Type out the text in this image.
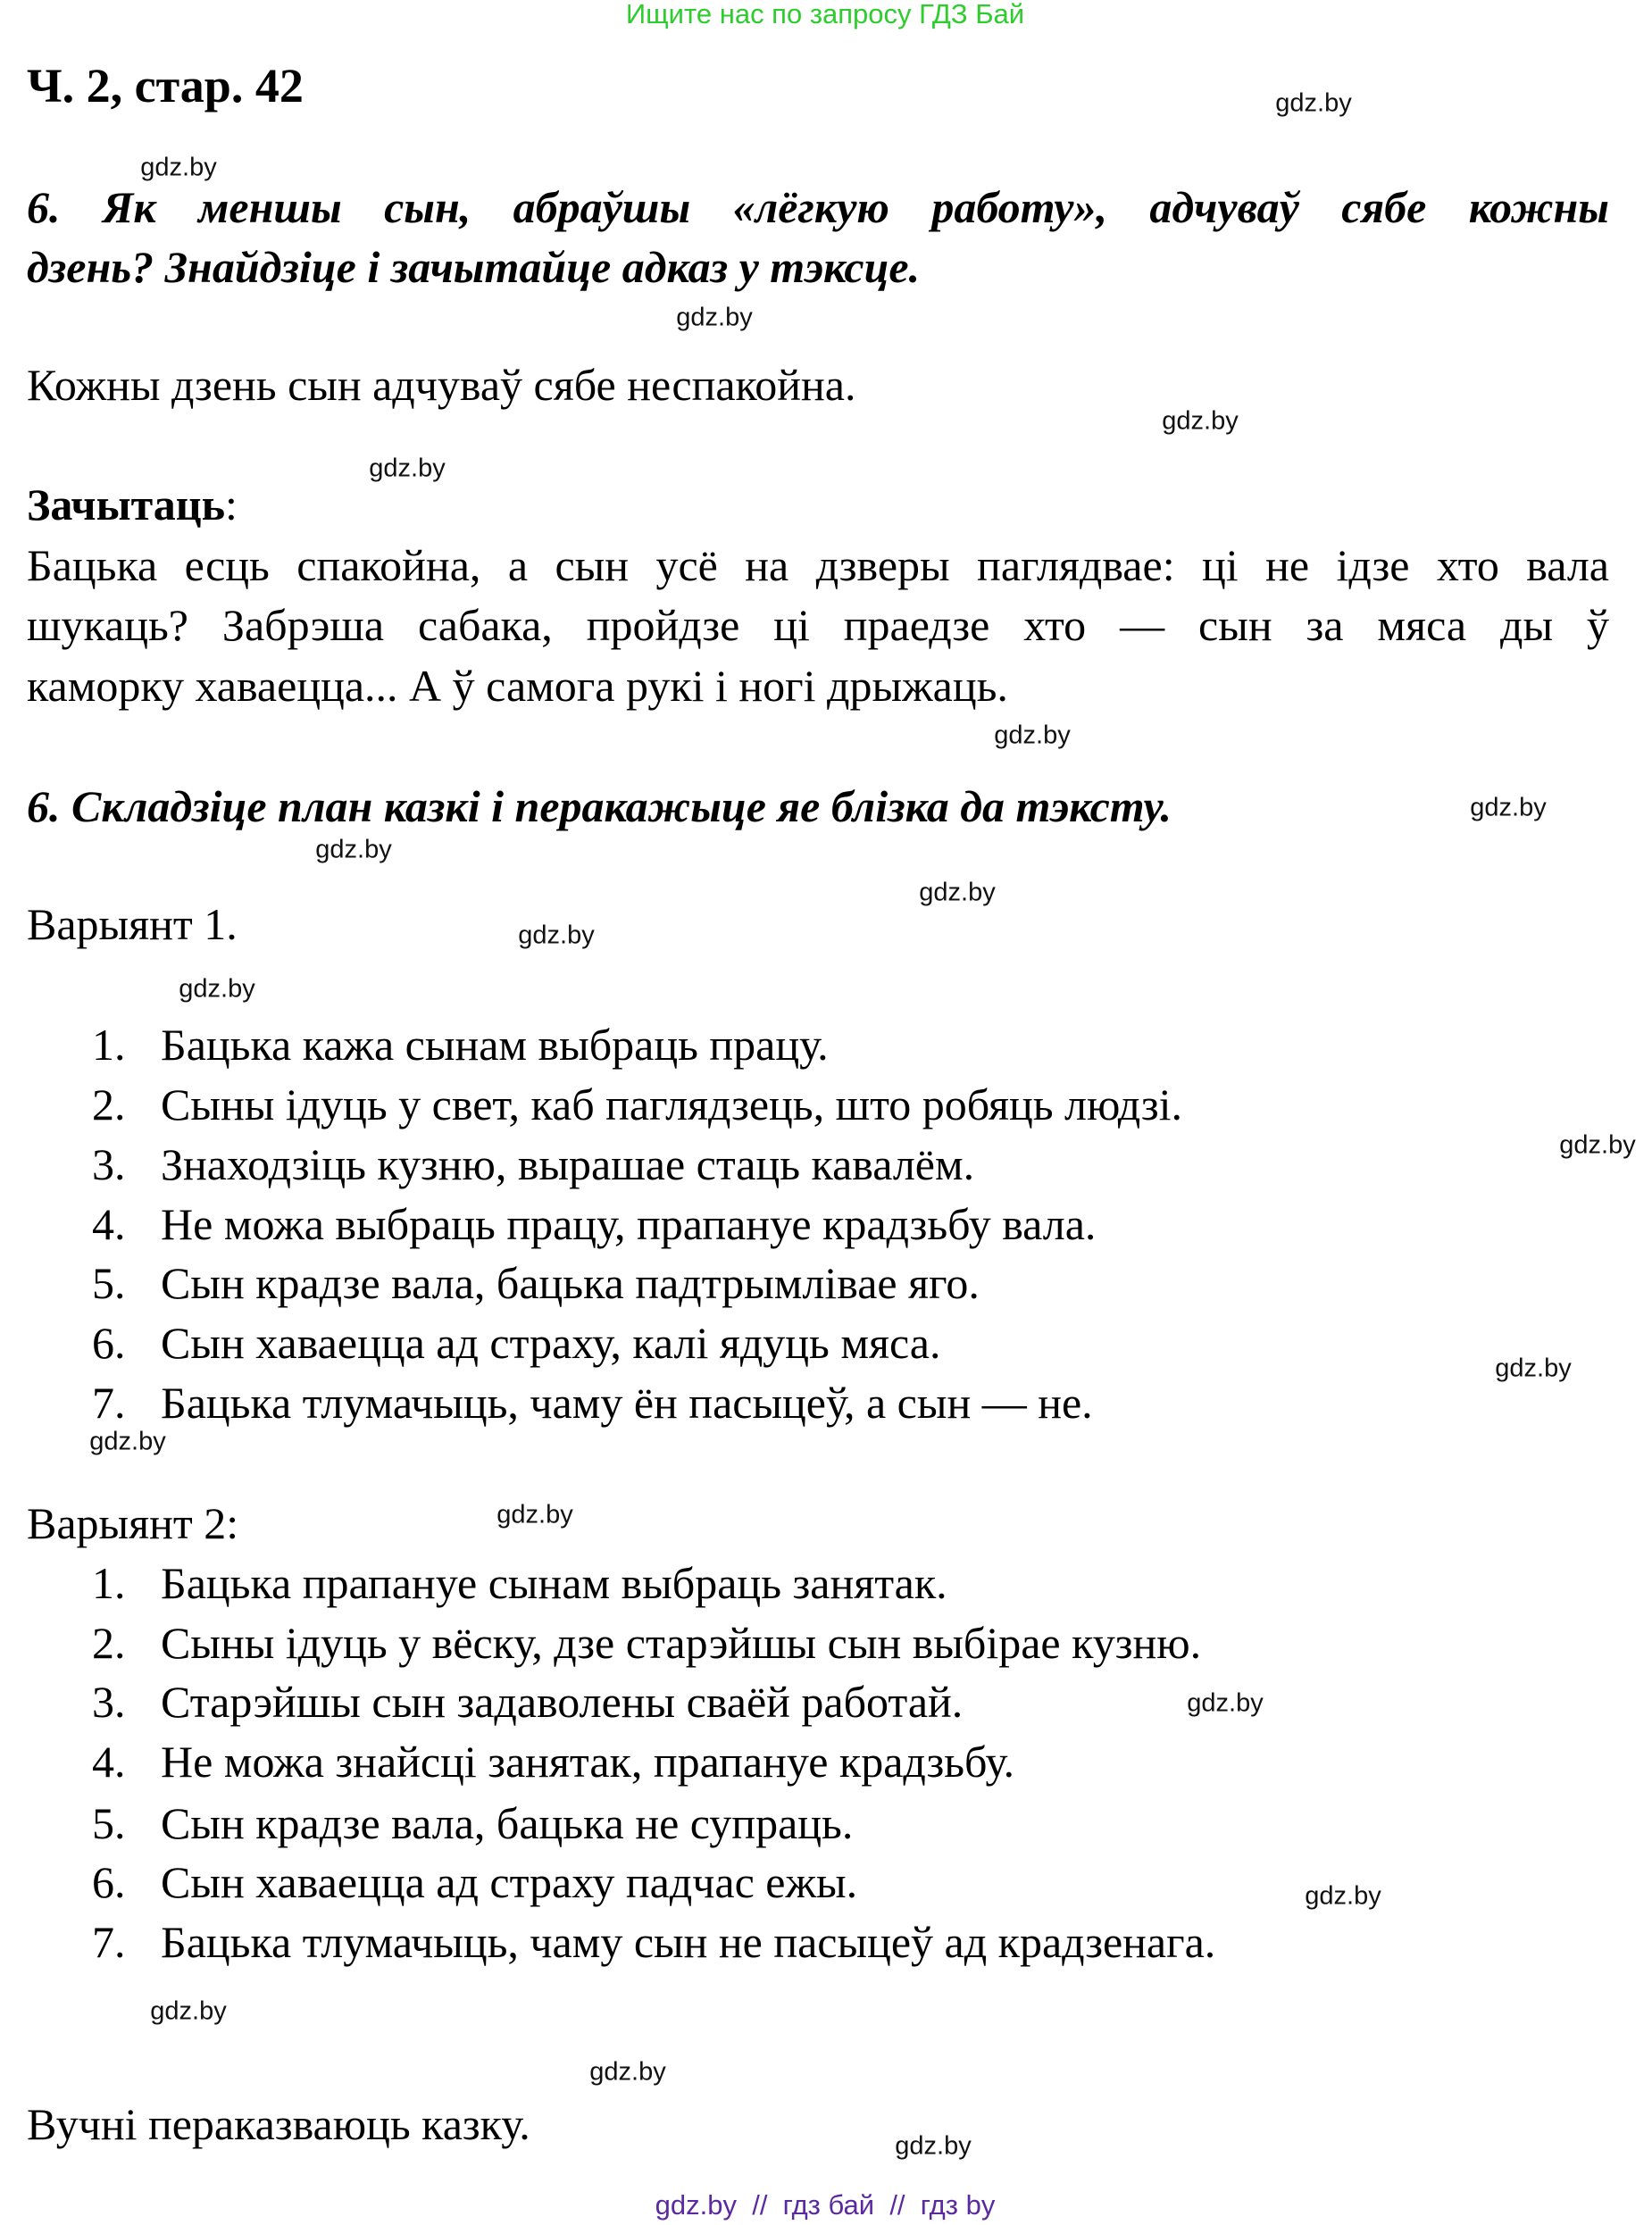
Ищите нас по запросу ГДЗ Бай
Ч. 2, стар. 42	gdz.by
gdz.by
gdz.by
gdz.by
gdz.by
gdz.by
gdz.by
gdz.by
gdz.by
gdz.by
gdz.by
gdz.by
gdz.by
gdz.by
gdz.by
gdz.by
gdz.by
gdz.by
gdz.by
gdz.by
6. Як меншы сын, абраўшы «лёгкую работу», адчуваў сябе кожны
дзень? Знайдзіце і зачытайце адказ у тэксце.
Кожны дзень сын адчуваў сябе неспакойна.
Зачытаць:
Бацька есць спакойна, а сын усё на дзверы паглядвае: ці не ідзе хто вала
шукаць? Забрэша сабака, пройдзе ці праедзе хто — сын за мяса ды ў
каморку хаваецца... А ў самога рукі і ногі дрыжаць.
6. Складзіце план казкі і перакажыце яе блізка да тэксту.
Варыянт 1.
1. Бацька кажа сынам выбраць працу.
2. Сыны ідуць у свет, каб паглядзець, што робяць людзі.
3. Знаходзіць кузню, вырашае стаць кавалём.
4. Не можа выбраць працу, прапануе крадзьбу вала.
5. Сын крадзе вала, бацька падтрымлівае яго.
6. Сын хаваецца ад страху, калі ядуць мяса.
7. Бацька тлумачыць, чаму ён пасыцеў, а сын — не.
Варыянт 2:
1. Бацька прапануе сынам выбраць занятак.
2. Сыны ідуць у вёску, дзе старэйшы сын выбірае кузню.
3. Старэйшы сын задаволены сваёй работай.
4. Не можа знайсці занятак, прапануе крадзьбу.
5. Сын крадзе вала, бацька не супраць.
6. Сын хаваецца ад страху падчас ежы.
7. Бацька тлумачыць, чаму сын не пасыцеў ад крадзенага.
Вучні пераказваюць казку.
gdz.by  //  гдз бай  //  гдз by
